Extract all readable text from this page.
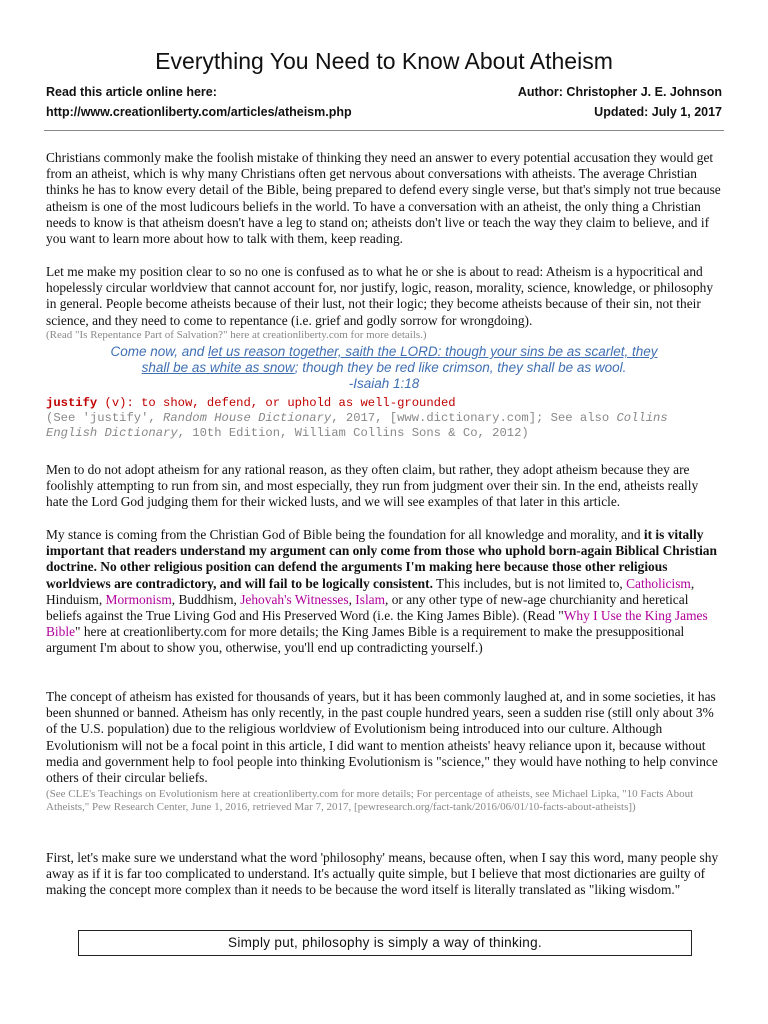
Everything You Need to Know About Atheism
Read this article online here:
http://www.creationliberty.com/articles/atheism.php
Author: Christopher J. E. Johnson
Updated: July 1, 2017

Christians commonly make the foolish mistake of thinking they need an answer to every potential accusation they would get from an atheist, which is why many Christians often get nervous about conversations with atheists. The average Christian thinks he has to know every detail of the Bible, being prepared to defend every single verse, but that's simply not true because atheism is one of the most ludicours beliefs in the world. To have a conversation with an atheist, the only thing a Christian needs to know is that atheism doesn't have a leg to stand on; atheists don't live or teach the way they claim to believe, and if you want to learn more about how to talk with them, keep reading.

Let me make my position clear to so no one is confused as to what he or she is about to read: Atheism is a hypocritical and hopelessly circular worldview that cannot account for, nor justify, logic, reason, morality, science, knowledge, or philosophy in general. People become atheists because of their lust, not their logic; they become atheists because of their sin, not their science, and they need to come to repentance (i.e. grief and godly sorrow for wrongdoing).

(Read "Is Repentance Part of Salvation?" here at creationliberty.com for more details.)
Come now, and let us reason together, saith the LORD: though your sins be as scarlet, they shall be as white as snow; though they be red like crimson, they shall be as wool.
-Isaiah 1:18
justify (v): to show, defend, or uphold as well-grounded
(See 'justify', Random House Dictionary, 2017, [www.dictionary.com]; See also Collins English Dictionary, 10th Edition, William Collins Sons & Co, 2012)

Men to do not adopt atheism for any rational reason, as they often claim, but rather, they adopt atheism because they are foolishly attempting to run from sin, and most especially, they run from judgment over their sin. In the end, atheists really hate the Lord God judging them for their wicked lusts, and we will see examples of that later in this article.

My stance is coming from the Christian God of Bible being the foundation for all knowledge and morality, and it is vitally important that readers understand my argument can only come from those who uphold born-again Biblical Christian doctrine. No other religious position can defend the arguments I'm making here because those other religious worldviews are contradictory, and will fail to be logically consistent. This includes, but is not limited to, Catholicism, Hinduism, Mormonism, Buddhism, Jehovah's Witnesses, Islam, or any other type of new-age churchianity and heretical beliefs against the True Living God and His Preserved Word (i.e. the King James Bible). (Read "Why I Use the King James Bible" here at creationliberty.com for more details; the King James Bible is a requirement to make the presuppositional argument I'm about to show you, otherwise, you'll end up contradicting yourself.)

The concept of atheism has existed for thousands of years, but it has been commonly laughed at, and in some societies, it has been shunned or banned. Atheism has only recently, in the past couple hundred years, seen a sudden rise (still only about 3% of the U.S. population) due to the religious worldview of Evolutionism being introduced into our culture. Although Evolutionism will not be a focal point in this article, I did want to mention atheists' heavy reliance upon it, because without media and government help to fool people into thinking Evolutionism is "science," they would have nothing to help convince others of their circular beliefs.

(See CLE's Teachings on Evolutionism here at creationliberty.com for more details; For percentage of atheists, see Michael Lipka, "10 Facts About Atheists," Pew Research Center, June 1, 2016, retrieved Mar 7, 2017, [pewresearch.org/fact-tank/2016/06/01/10-facts-about-atheists])

First, let's make sure we understand what the word 'philosophy' means, because often, when I say this word, many people shy away as if it is far too complicated to understand. It's actually quite simple, but I believe that most dictionaries are guilty of making the concept more complex than it needs to be because the word itself is literally translated as "liking wisdom."

Simply put, philosophy is simply a way of thinking.
